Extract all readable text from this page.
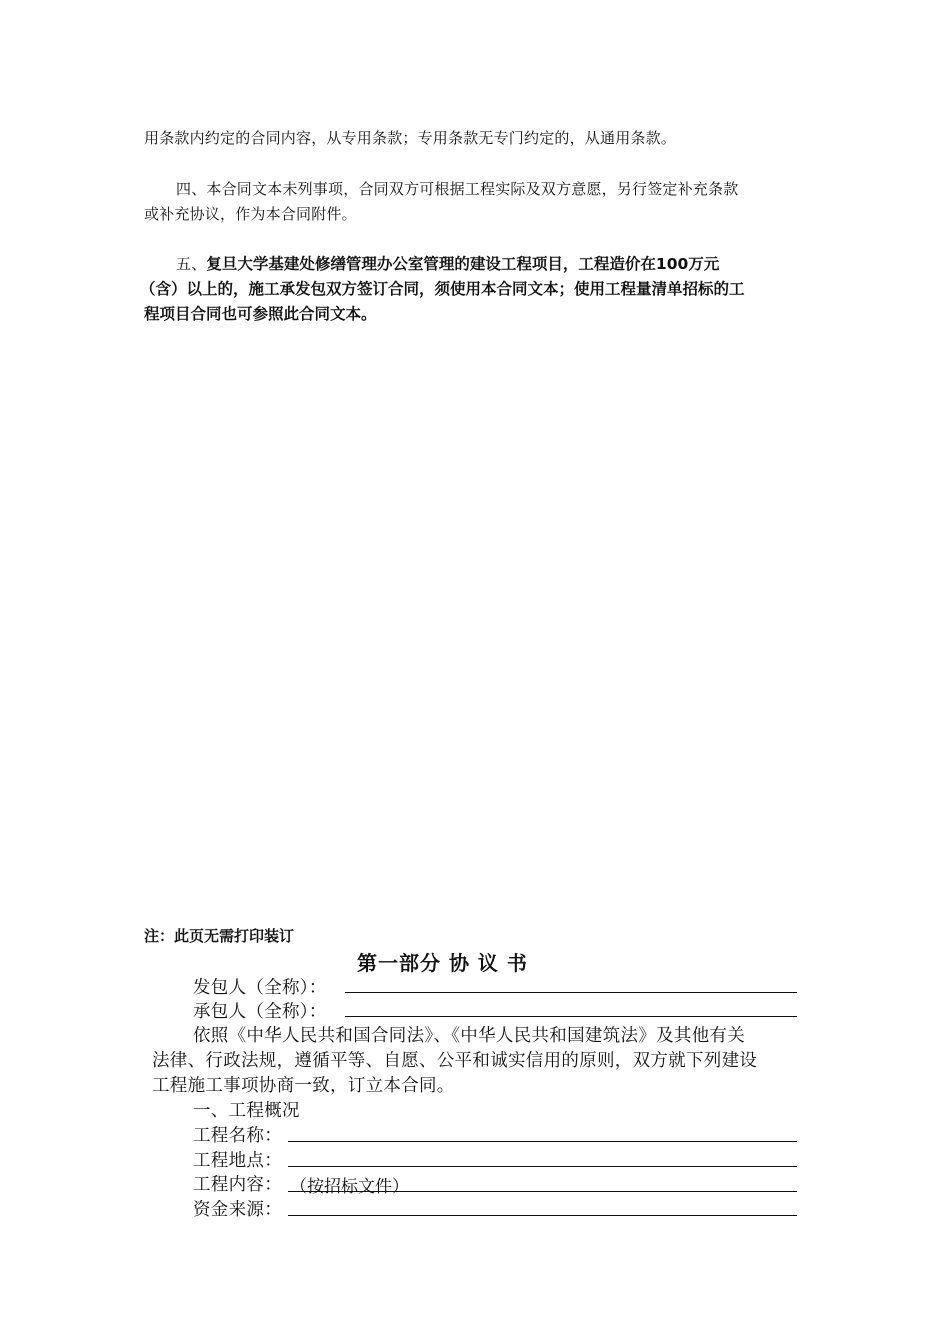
用条款内约定的合同内容，从专用条款；专用条款无专门约定的，从通用条款。
四、本合同文本未列事项，合同双方可根据工程实际及双方意愿，另行签定补充条款
或补充协议，作为本合同附件。
五、复旦大学基建处修缮管理办公室管理的建设工程项目，工程造价在100万元
（含）以上的，施工承发包双方签订合同，须使用本合同文本；使用工程量清单招标的工
程项目合同也可参照此合同文本。
注：此页无需打印装订
第一部分 协 议 书
发包人（全称）：
承包人（全称）：
依照《中华人民共和国合同法》、《中华人民共和国建筑法》及其他有关
法律、行政法规，遵循平等、自愿、公平和诚实信用的原则，双方就下列建设
工程施工事项协商一致，订立本合同。
一、工程概况
工程名称：
工程地点：
工程内容： （按招标文件）
资金来源：
